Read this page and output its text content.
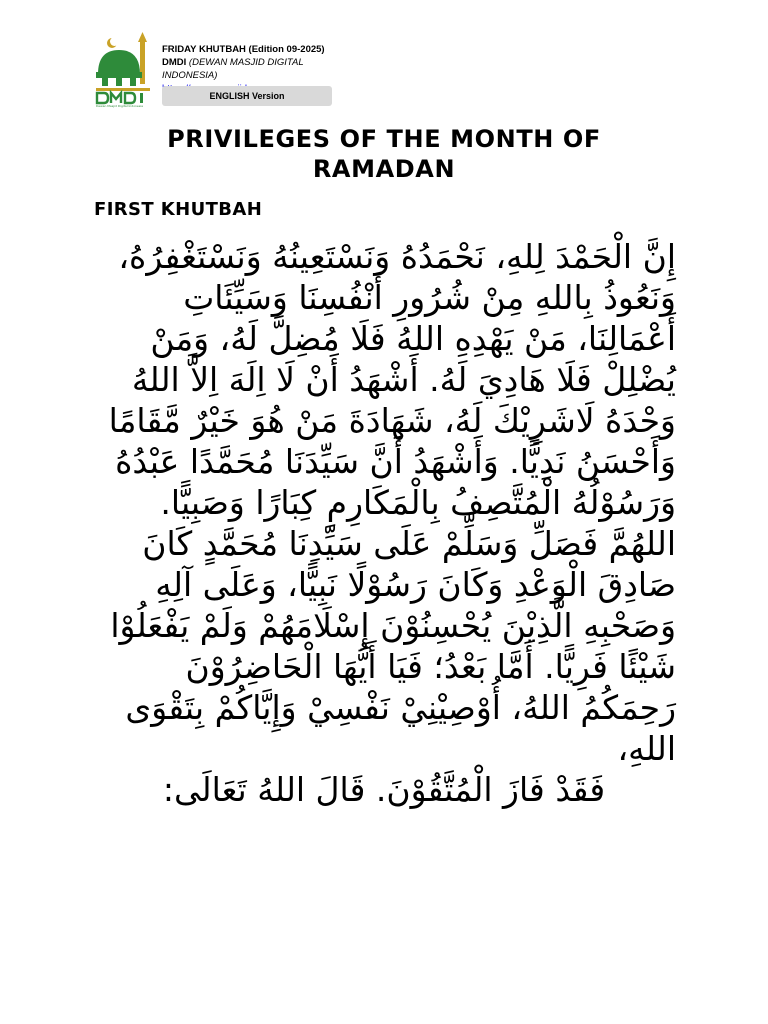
Dewan Masjid Digital Indonesia
FRIDAY KHUTBAH (Edition 09-2025)
DMDI (DEWAN MASJID DIGITAL INDONESIA)
ENGLISH Version
PRIVILEGES OF THE MONTH OF RAMADAN
FIRST KHUTBAH

إِنَّ الْحَمْدَ لِلهِ، نَحْمَدُهُ وَنَسْتَعِينُهُ وَنَسْتَغْفِرُهُ، وَنَعُوذُ بِاللهِ مِنْ شُرُورِ أَنْفُسِنَا وَسَيِّئَاتِ أَعْمَالِنَا، مَنْ يَهْدِهِ اللهُ فَلَا مُضِلَّ لَهُ، وَمَنْ يُضْلِلْ فَلَا هَادِيَ لَهُ. أَشْهَدُ أَنْ لَا اِلَهَ اِلاَّ اللهُ وَحْدَهُ لَاشَرِيْكَ لَهُ، شَهَادَةَ مَنْ هُوَ خَيْرٌ مَّقَامًا وَأَحْسَنُ نَدِيًّا. وَأَشْهَدُ أَنَّ سَيِّدَنَا مُحَمَّدًا عَبْدُهُ وَرَسُوْلُهُ الْمُتَّصِفُ بِالْمَكَارِمِ كِبَارًا وَصَبِيًّا.

اللهُمَّ فَصَلِّ وَسَلِّمْ عَلَى سَيِّدِنَا مُحَمَّدٍ كَانَ صَادِقَ الْوَعْدِ وَكَانَ رَسُوْلًا نَبِيًّا، وَعَلَى آلِهِ وَصَحْبِهِ الَّذِيْنَ يُحْسِنُوْنَ إِسْلَامَهُمْ وَلَمْ يَفْعَلُوْا شَيْئًا فَرِيًّا. أَمَّا بَعْدُ؛ فَيَا أَيُّهَا الْحَاضِرُوْنَ رَحِمَكُمُ اللهُ، أُوْصِيْنِيْ نَفْسِيْ وَإِيَّاكُمْ بِتَقْوَى اللهِ،

فَقَدْ فَازَ الْمُتَّقُوْنَ. قَالَ اللهُ تَعَالَى:
